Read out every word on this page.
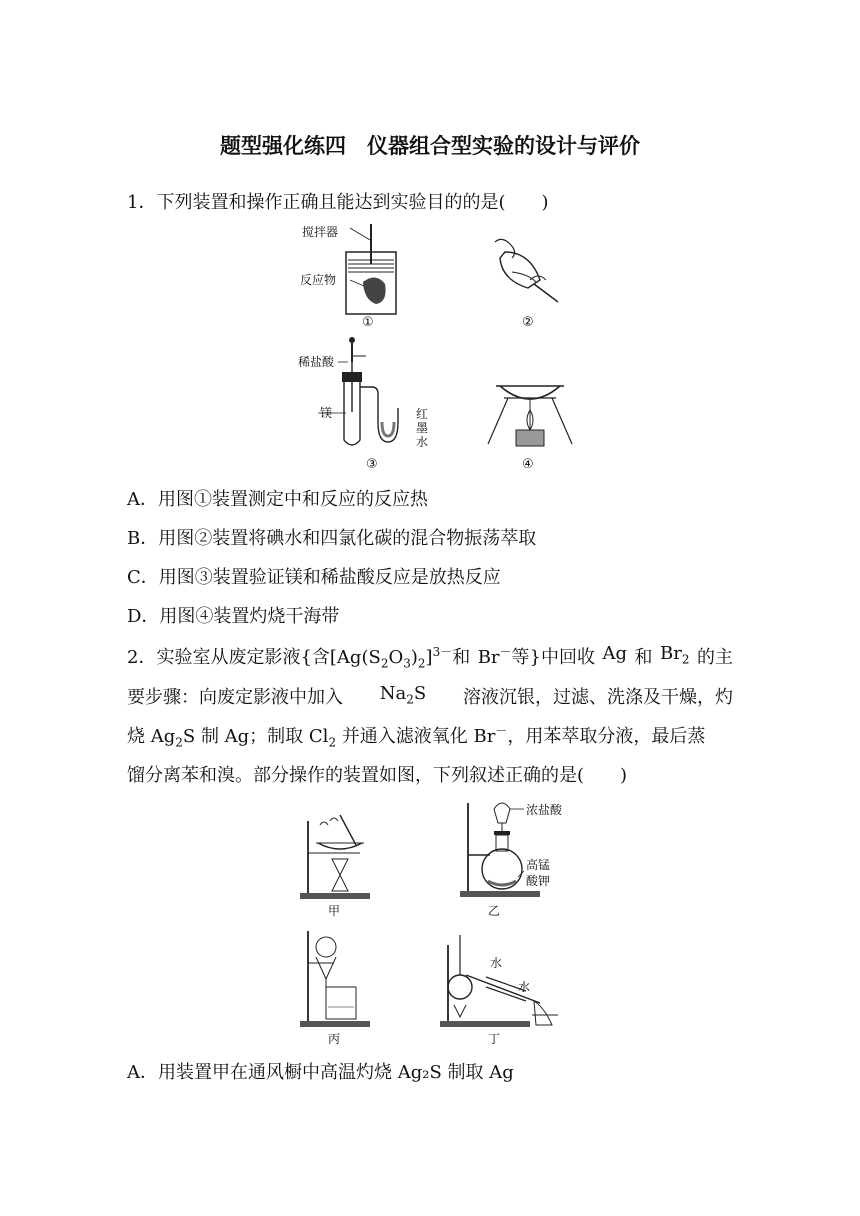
题型强化练四　仪器组合型实验的设计与评价
1．下列装置和操作正确且能达到实验目的的是(　　)
搅拌器
反应物
①	②
稀盐酸
镁	红
墨
水
③	④
A．用图①装置测定中和反应的反应热
B．用图②装置将碘水和四氯化碳的混合物振荡萃取
C．用图③装置验证镁和稀盐酸反应是放热反应
D．用图④装置灼烧干海带
2．实验室从废定影液{含$[Ag(S_2O_3)_2]^{3-}$和 Br－等}中回收 Ag 和 $Br_2$ 的主
要步骤：向废定影液中加入 $Na_2S$ 溶液沉银，过滤、洗涤及干燥，灼
烧 $Ag_2S$ 制 Ag；制取 $Cl_2$ 并通入滤液氧化 Br－，用苯萃取分液，最后蒸
馏分离苯和溴。部分操作的装置如图，下列叙述正确的是(　　)
甲
浓盐酸
高锰
酸钾
乙
丙
水
水
丁
A．用装置甲在通风橱中高温灼烧 Ag₂S 制取 Ag
